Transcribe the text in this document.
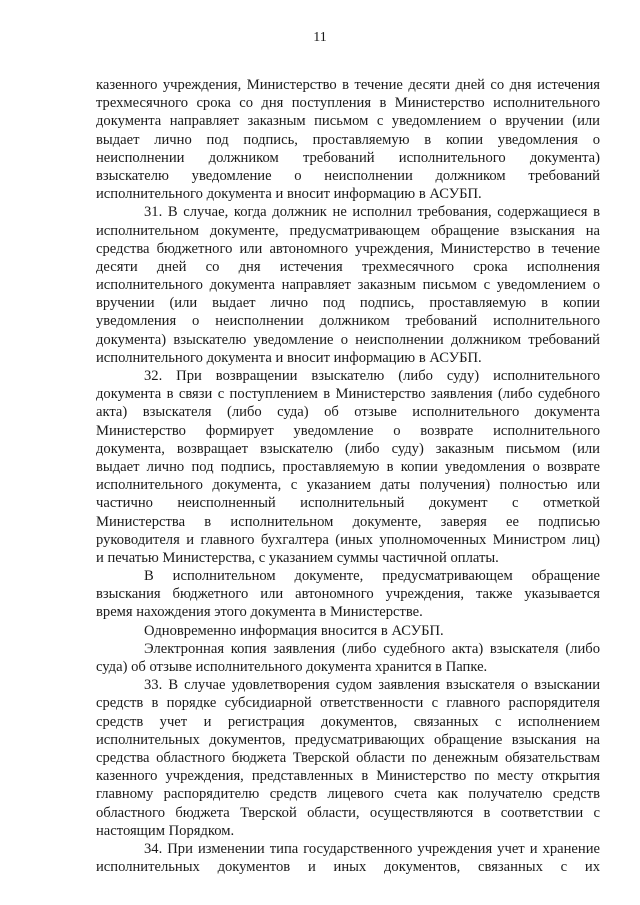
11
казенного учреждения, Министерство в течение десяти дней со дня истечения
трехмесячного срока со дня поступления в Министерство исполнительного
документа направляет заказным письмом с уведомлением о вручении (или
выдает лично под подпись, проставляемую в копии уведомления о
неисполнении должником требований исполнительного документа)
взыскателю уведомление о неисполнении должником требований
исполнительного документа и вносит информацию в АСУБП.
31. В случае, когда должник не исполнил требования, содержащиеся в
исполнительном документе, предусматривающем обращение взыскания на
средства бюджетного или автономного учреждения, Министерство в течение
десяти дней со дня истечения трехмесячного срока исполнения
исполнительного документа направляет заказным письмом с уведомлением о
вручении (или выдает лично под подпись, проставляемую в копии
уведомления о неисполнении должником требований исполнительного
документа) взыскателю уведомление о неисполнении должником требований
исполнительного документа и вносит информацию в АСУБП.
32. При возвращении взыскателю (либо суду) исполнительного
документа в связи с поступлением в Министерство заявления (либо судебного
акта) взыскателя (либо суда) об отзыве исполнительного документа
Министерство формирует уведомление о возврате исполнительного
документа, возвращает взыскателю (либо суду) заказным письмом (или
выдает лично под подпись, проставляемую в копии уведомления о возврате
исполнительного документа, с указанием даты получения) полностью или
частично неисполненный исполнительный документ с отметкой
Министерства в исполнительном документе, заверяя ее подписью
руководителя и главного бухгалтера (иных уполномоченных Министром лиц)
и печатью Министерства, с указанием суммы частичной оплаты.
В исполнительном документе, предусматривающем обращение
взыскания бюджетного или автономного учреждения, также указывается
время нахождения этого документа в Министерстве.
Одновременно информация вносится в АСУБП.
Электронная копия заявления (либо судебного акта) взыскателя (либо
суда) об отзыве исполнительного документа хранится в Папке.
33. В случае удовлетворения судом заявления взыскателя о взыскании
средств в порядке субсидиарной ответственности с главного распорядителя
средств учет и регистрация документов, связанных с исполнением
исполнительных документов, предусматривающих обращение взыскания на
средства областного бюджета Тверской области по денежным обязательствам
казенного учреждения, представленных в Министерство по месту открытия
главному распорядителю средств лицевого счета как получателю средств
областного бюджета Тверской области, осуществляются в соответствии с
настоящим Порядком.
34. При изменении типа государственного учреждения учет и хранение
исполнительных документов и иных документов, связанных с их
